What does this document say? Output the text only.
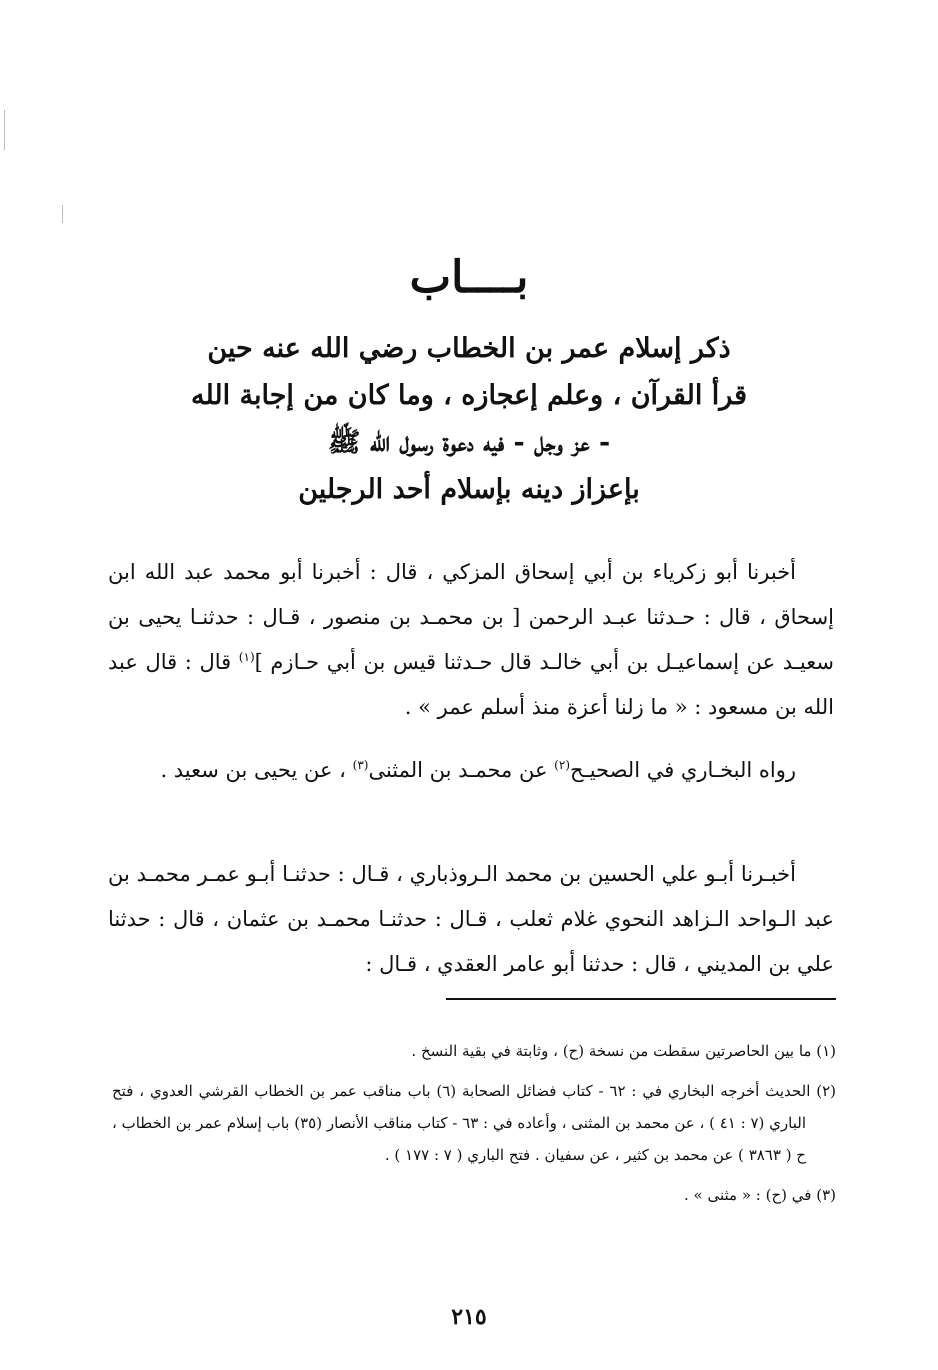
بــــاب
ذكر إسلام عمر بن الخطاب رضي الله عنه حين
قرأ القرآن ، وعلم إعجازه ، وما كان من إجابة الله
- عز وجل - فيه دعوة رسول الله ﷺ
بإعزاز دينه بإسلام أحد الرجلين

أخبرنا أبو زكرياء بن أبي إسحاق المزكي ، قال : أخبرنا أبو محمد عبد الله ابن إسحاق ، قال : حـدثنا عبـد الرحمن [ بن محمـد بن منصور ، قـال : حدثنـا يحيى بن سعيـد عن إسماعيـل بن أبي خالـد قال حـدثنا قيس بن أبي حـازم ]$^{(١)}$ قال : قال عبد الله بن مسعود : « ما زلنا أعزة منذ أسلم عمر » .

رواه البخـاري في الصحيـح$^{(٢)}$ عن محمـد بن المثنى$^{(٣)}$ ، عن يحيى بن سعيد .

أخبـرنا أبـو علي الحسين بن محمد الـروذباري ، قـال : حدثنـا أبـو عمـر محمـد بن عبد الـواحد الـزاهد النحوي غلام ثعلب ، قـال : حدثنـا محمـد بن عثمان ، قال : حدثنا علي بن المديني ، قال : حدثنا أبو عامر العقدي ، قـال :

(١) ما بين الحاصرتين سقطت من نسخة (ح) ، وثابتة في بقية النسخ .

(٢) الحديث أخرجه البخاري في : ٦٢ - كتاب فضائل الصحابة (٦) باب مناقب عمر بن الخطاب القرشي العدوي ، فتح الباري (٧ : ٤١ ) ، عن محمد بن المثنى ، وأعاده في : ٦٣ - كتاب مناقب الأنصار (٣٥) باب إسلام عمر بن الخطاب ، ح ( ٣٨٦٣ ) عن محمد بن كثير ، عن سفيان . فتح الباري ( ٧ : ١٧٧ ) .

(٣) في (ح) : « مثنى » .

٢١٥
